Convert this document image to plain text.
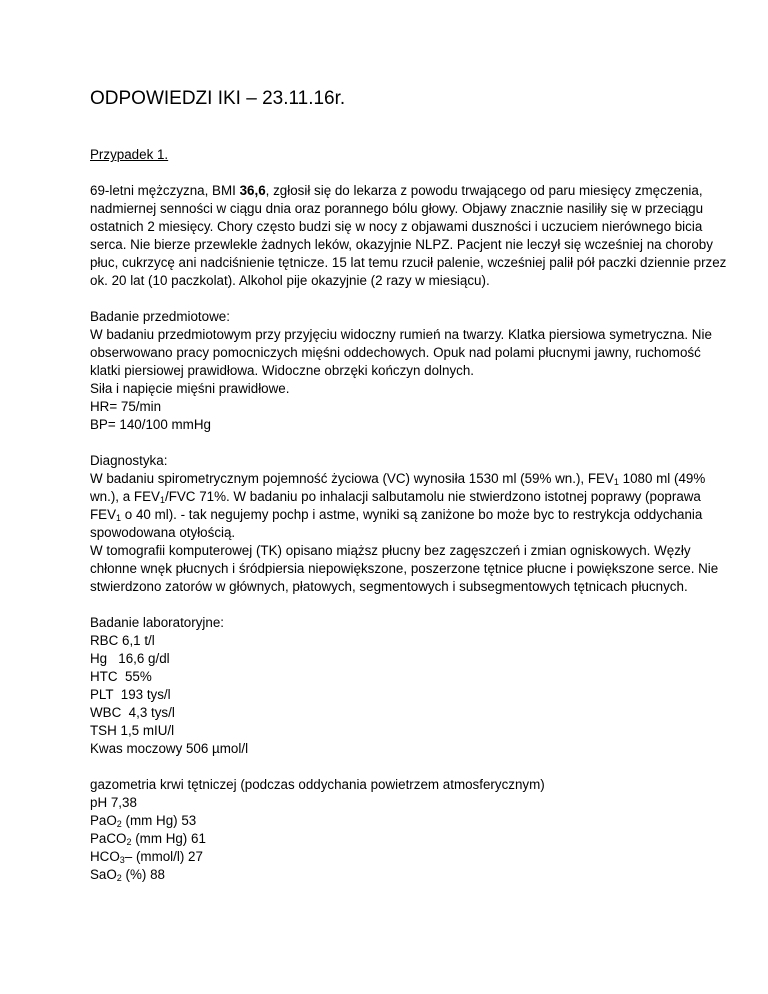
ODPOWIEDZI IKI – 23.11.16r.

Przypadek 1.

69-letni mężczyzna, BMI 36,6, zgłosił się do lekarza z powodu trwającego od paru miesięcy zmęczenia, nadmiernej senności w ciągu dnia oraz porannego bólu głowy. Objawy znacznie nasiliły się w przeciągu ostatnich 2 miesięcy. Chory często budzi się w nocy z objawami duszności i uczuciem nierównego bicia serca. Nie bierze przewlekle żadnych leków, okazyjnie NLPZ. Pacjent nie leczył się wcześniej na choroby płuc, cukrzycę ani nadciśnienie tętnicze. 15 lat temu rzucił palenie, wcześniej palił pół paczki dziennie przez ok. 20 lat (10 paczkolat). Alkohol pije okazyjnie (2 razy w miesiącu).

Badanie przedmiotowe:

W badaniu przedmiotowym przy przyjęciu widoczny rumień na twarzy. Klatka piersiowa symetryczna. Nie obserwowano pracy pomocniczych mięśni oddechowych. Opuk nad polami płucnymi jawny, ruchomość klatki piersiowej prawidłowa. Widoczne obrzęki kończyn dolnych.

Siła i napięcie mięśni prawidłowe.

HR= 75/min

BP= 140/100 mmHg

Diagnostyka:

W badaniu spirometrycznym pojemność życiowa (VC) wynosiła 1530 ml (59% wn.), $FEV_1$ 1080 ml (49% wn.), a $FEV_1$/FVC 71%. W badaniu po inhalacji salbutamolu nie stwierdzono istotnej poprawy (poprawa $FEV_1$ o 40 ml). - tak negujemy pochp i astme, wyniki są zaniżone bo może byc to restrykcja oddychania spowodowana otyłością.

W tomografii komputerowej (TK) opisano miąższ płucny bez zagęszczeń i zmian ogniskowych. Węzły chłonne wnęk płucnych i śródpiersia niepowiększone, poszerzone tętnice płucne i powiększone serce. Nie stwierdzono zatorów w głównych, płatowych, segmentowych i subsegmentowych tętnicach płucnych.

Badanie laboratoryjne:

RBC 6,1 t/l
Hg   16,6 g/dl
HTC  55%
PLT  193 tys/l
WBC  4,3 tys/l
TSH 1,5 mIU/l
Kwas moczowy 506 µmol/l

gazometria krwi tętniczej (podczas oddychania powietrzem atmosferycznym)

pH 7,38
PaO$_2$ (mm Hg) 53
PaCO$_2$ (mm Hg) 61
$HCO_3-$ (mmol/l) 27
SaO$_2$ (%) 88
